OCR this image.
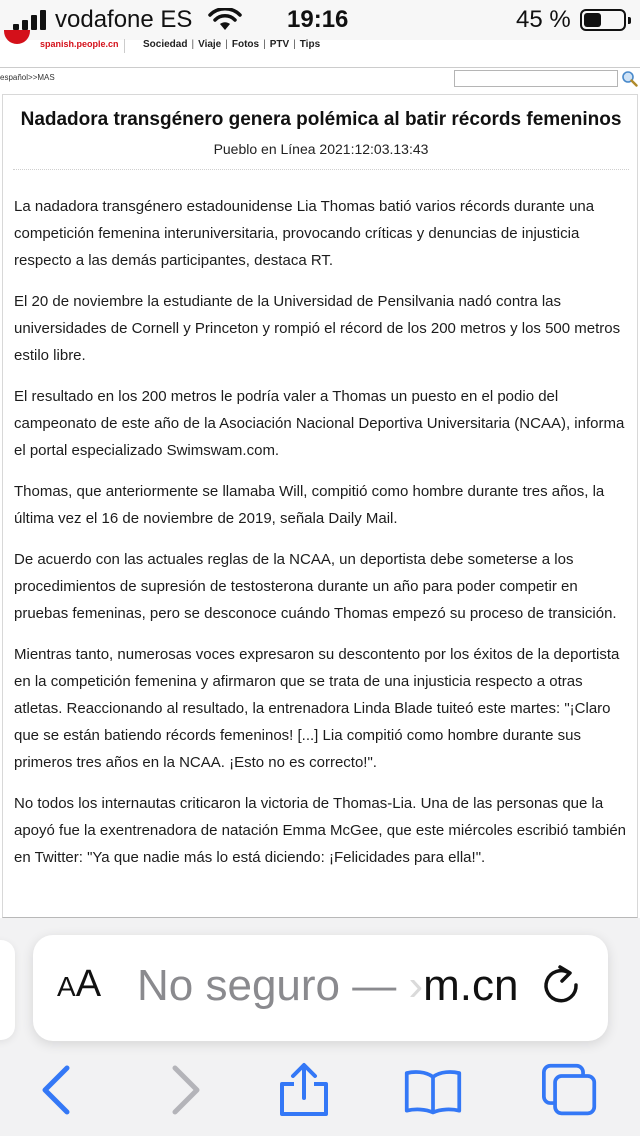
vodafone ES	19:16	45 %
spanish.people.cn Sociedad | Viaje | Fotos | PTV | Tips
español>>MAS
Nadadora transgénero genera polémica al batir récords femeninos
Pueblo en Línea 2021:12:03.13:43

La nadadora transgénero estadounidense Lia Thomas batió varios récords durante una competición femenina interuniversitaria, provocando críticas y denuncias de injusticia respecto a las demás participantes, destaca RT.

El 20 de noviembre la estudiante de la Universidad de Pensilvania nadó contra las universidades de Cornell y Princeton y rompió el récord de los 200 metros y los 500 metros estilo libre.

El resultado en los 200 metros le podría valer a Thomas un puesto en el podio del campeonato de este año de la Asociación Nacional Deportiva Universitaria (NCAA), informa el portal especializado Swimswam.com.

Thomas, que anteriormente se llamaba Will, compitió como hombre durante tres años, la última vez el 16 de noviembre de 2019, señala Daily Mail.

De acuerdo con las actuales reglas de la NCAA, un deportista debe someterse a los procedimientos de supresión de testosterona durante un año para poder competir en pruebas femeninas, pero se desconoce cuándo Thomas empezó su proceso de transición.

Mientras tanto, numerosas voces expresaron su descontento por los éxitos de la deportista en la competición femenina y afirmaron que se trata de una injusticia respecto a otras atletas. Reaccionando al resultado, la entrenadora Linda Blade tuiteó este martes: "¡Claro que se están batiendo récords femeninos! [...] Lia compitió como hombre durante sus primeros tres años en la NCAA. ¡Esto no es correcto!".

No todos los internautas criticaron la victoria de Thomas-Lia. Una de las personas que la apoyó fue la exentrenadora de natación Emma McGee, que este miércoles escribió también en Twitter: "Ya que nadie más lo está diciendo: ¡Felicidades para ella!".

AA No seguro — ›m.cn
